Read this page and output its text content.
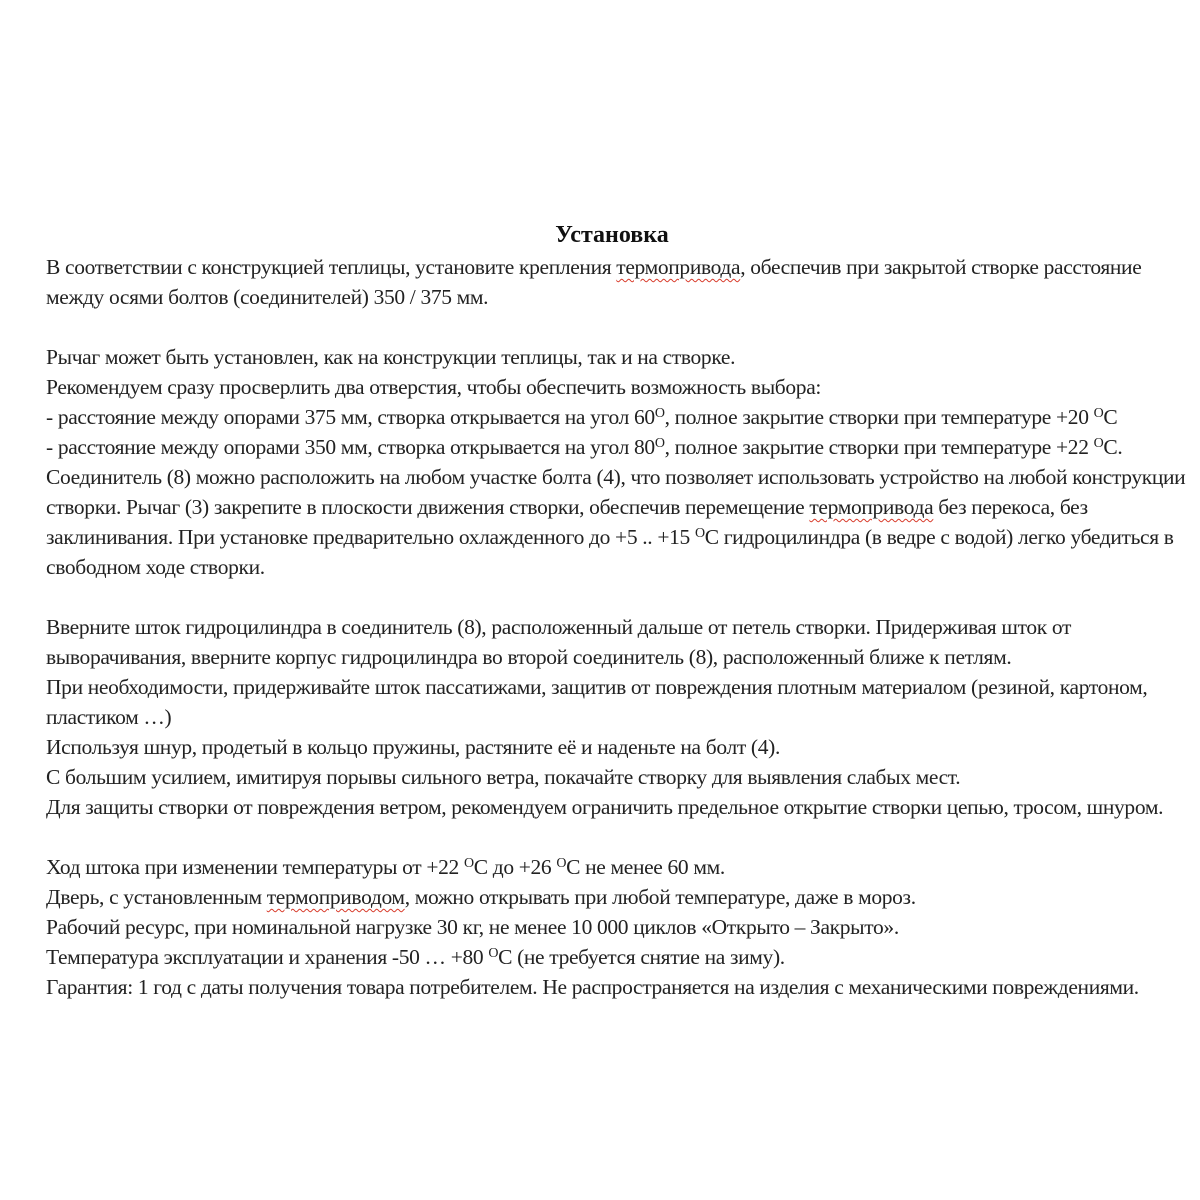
Установка
В соответствии с конструкцией теплицы, установите крепления термопривода, обеспечив при закрытой створке расстояние
между осями болтов (соединителей) 350 / 375 мм.
Рычаг может быть установлен, как на конструкции теплицы, так и на створке.
Рекомендуем сразу просверлить два отверстия, чтобы обеспечить возможность выбора:
- расстояние между опорами 375 мм, створка открывается на угол $60^О$, полное закрытие створки при температуре +20 $^О$С
- расстояние между опорами 350 мм, створка открывается на угол $80^О$, полное закрытие створки при температуре +22 $^О$С.
Соединитель (8) можно расположить на любом участке болта (4), что позволяет использовать устройство на любой конструкции
створки. Рычаг (3) закрепите в плоскости движения створки, обеспечив перемещение термопривода без перекоса, без
заклинивания. При установке предварительно охлажденного до +5 .. +15 $^О$С гидроцилиндра (в ведре с водой) легко убедиться в
свободном ходе створки.
Вверните шток гидроцилиндра в соединитель (8), расположенный дальше от петель створки. Придерживая шток от
выворачивания, вверните корпус гидроцилиндра во второй соединитель (8), расположенный ближе к петлям.
При необходимости, придерживайте шток пассатижами, защитив от повреждения плотным материалом (резиной, картоном,
пластиком …)
Используя шнур, продетый в кольцо пружины, растяните её и наденьте на болт (4).
С большим усилием, имитируя порывы сильного ветра, покачайте створку для выявления слабых мест.
Для защиты створки от повреждения ветром, рекомендуем ограничить предельное открытие створки цепью, тросом, шнуром.
Ход штока при изменении температуры от +22 $^О$С до +26 $^О$С не менее 60 мм.
Дверь, с установленным термоприводом, можно открывать при любой температуре, даже в мороз.
Рабочий ресурс, при номинальной нагрузке 30 кг, не менее 10 000 циклов «Открыто – Закрыто».
Температура эксплуатации и хранения -50 … +80 $^О$С (не требуется снятие на зиму).
Гарантия: 1 год с даты получения товара потребителем. Не распространяется на изделия с механическими повреждениями.
